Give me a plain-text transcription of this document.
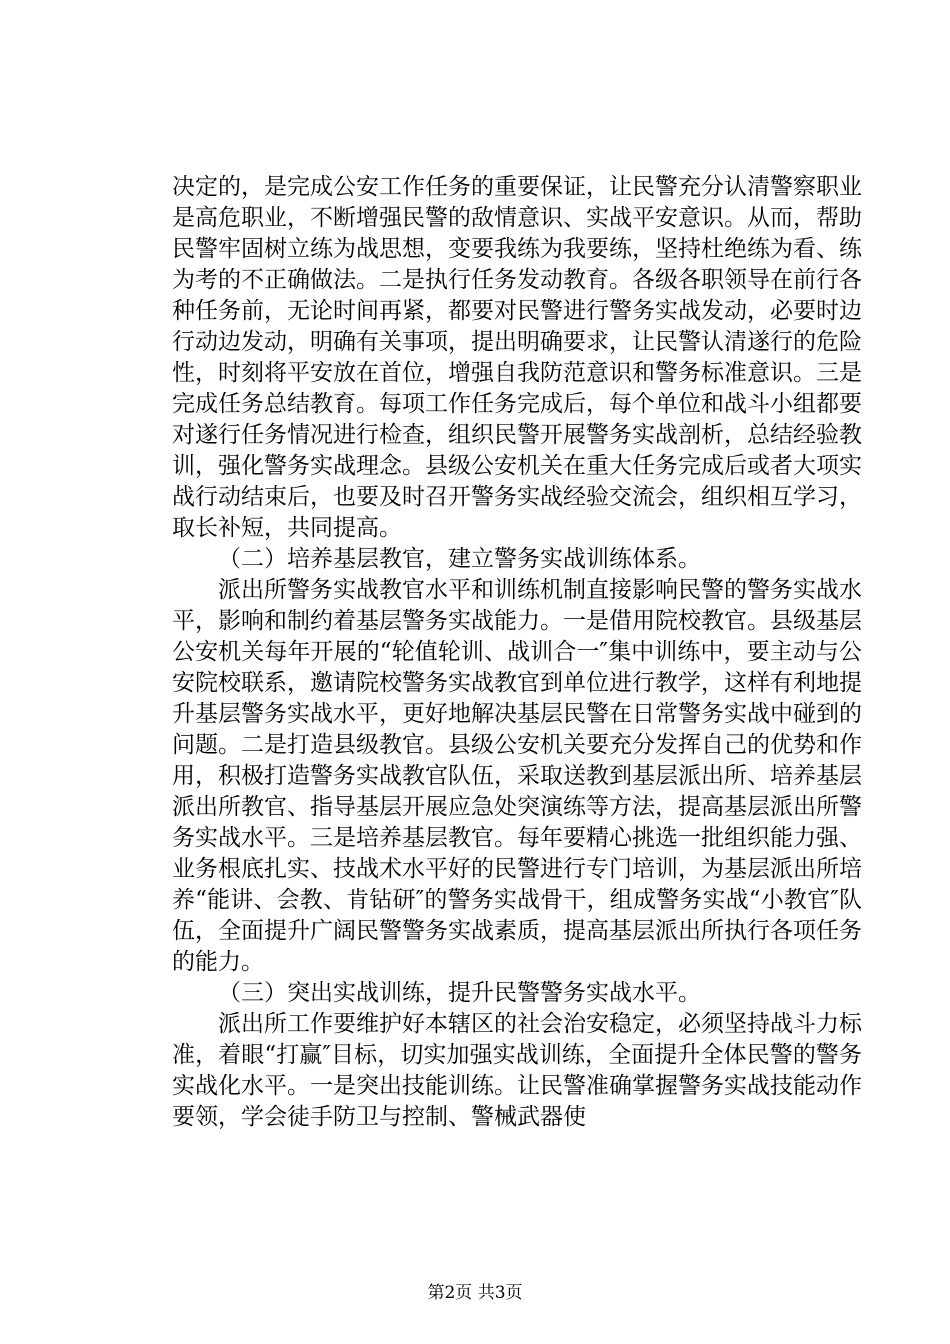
决定的，是完成公安工作任务的重要保证，让民警充分认清警察职业是高危职业，不断增强民警的敌情意识、实战平安意识。从而，帮助民警牢固树立练为战思想，变要我练为我要练，坚持杜绝练为看、练为考的不正确做法。二是执行任务发动教育。各级各职领导在前行各种任务前，无论时间再紧，都要对民警进行警务实战发动，必要时边行动边发动，明确有关事项，提出明确要求，让民警认清遂行的危险性，时刻将平安放在首位，增强自我防范意识和警务标准意识。三是完成任务总结教育。每项工作任务完成后，每个单位和战斗小组都要对遂行任务情况进行检查，组织民警开展警务实战剖析，总结经验教训，强化警务实战理念。县级公安机关在重大任务完成后或者大项实战行动结束后，也要及时召开警务实战经验交流会，组织相互学习，取长补短，共同提高。

（二）培养基层教官，建立警务实战训练体系。

派出所警务实战教官水平和训练机制直接影响民警的警务实战水平，影响和制约着基层警务实战能力。一是借用院校教官。县级基层公安机关每年开展的“轮值轮训、战训合一″集中训练中，要主动与公安院校联系，邀请院校警务实战教官到单位进行教学，这样有利地提升基层警务实战水平，更好地解决基层民警在日常警务实战中碰到的问题。二是打造县级教官。县级公安机关要充分发挥自己的优势和作用，积极打造警务实战教官队伍，采取送教到基层派出所、培养基层派出所教官、指导基层开展应急处突演练等方法，提高基层派出所警务实战水平。三是培养基层教官。每年要精心挑选一批组织能力强、业务根底扎实、技战术水平好的民警进行专门培训，为基层派出所培养“能讲、会教、肯钻研″的警务实战骨干，组成警务实战“小教官″队伍，全面提升广阔民警警务实战素质，提高基层派出所执行各项任务的能力。

（三）突出实战训练，提升民警警务实战水平。

派出所工作要维护好本辖区的社会治安稳定，必须坚持战斗力标准，着眼“打赢″目标，切实加强实战训练，全面提升全体民警的警务实战化水平。一是突出技能训练。让民警准确掌握警务实战技能动作要领，学会徒手防卫与控制、警械武器使

第2页 共3页
